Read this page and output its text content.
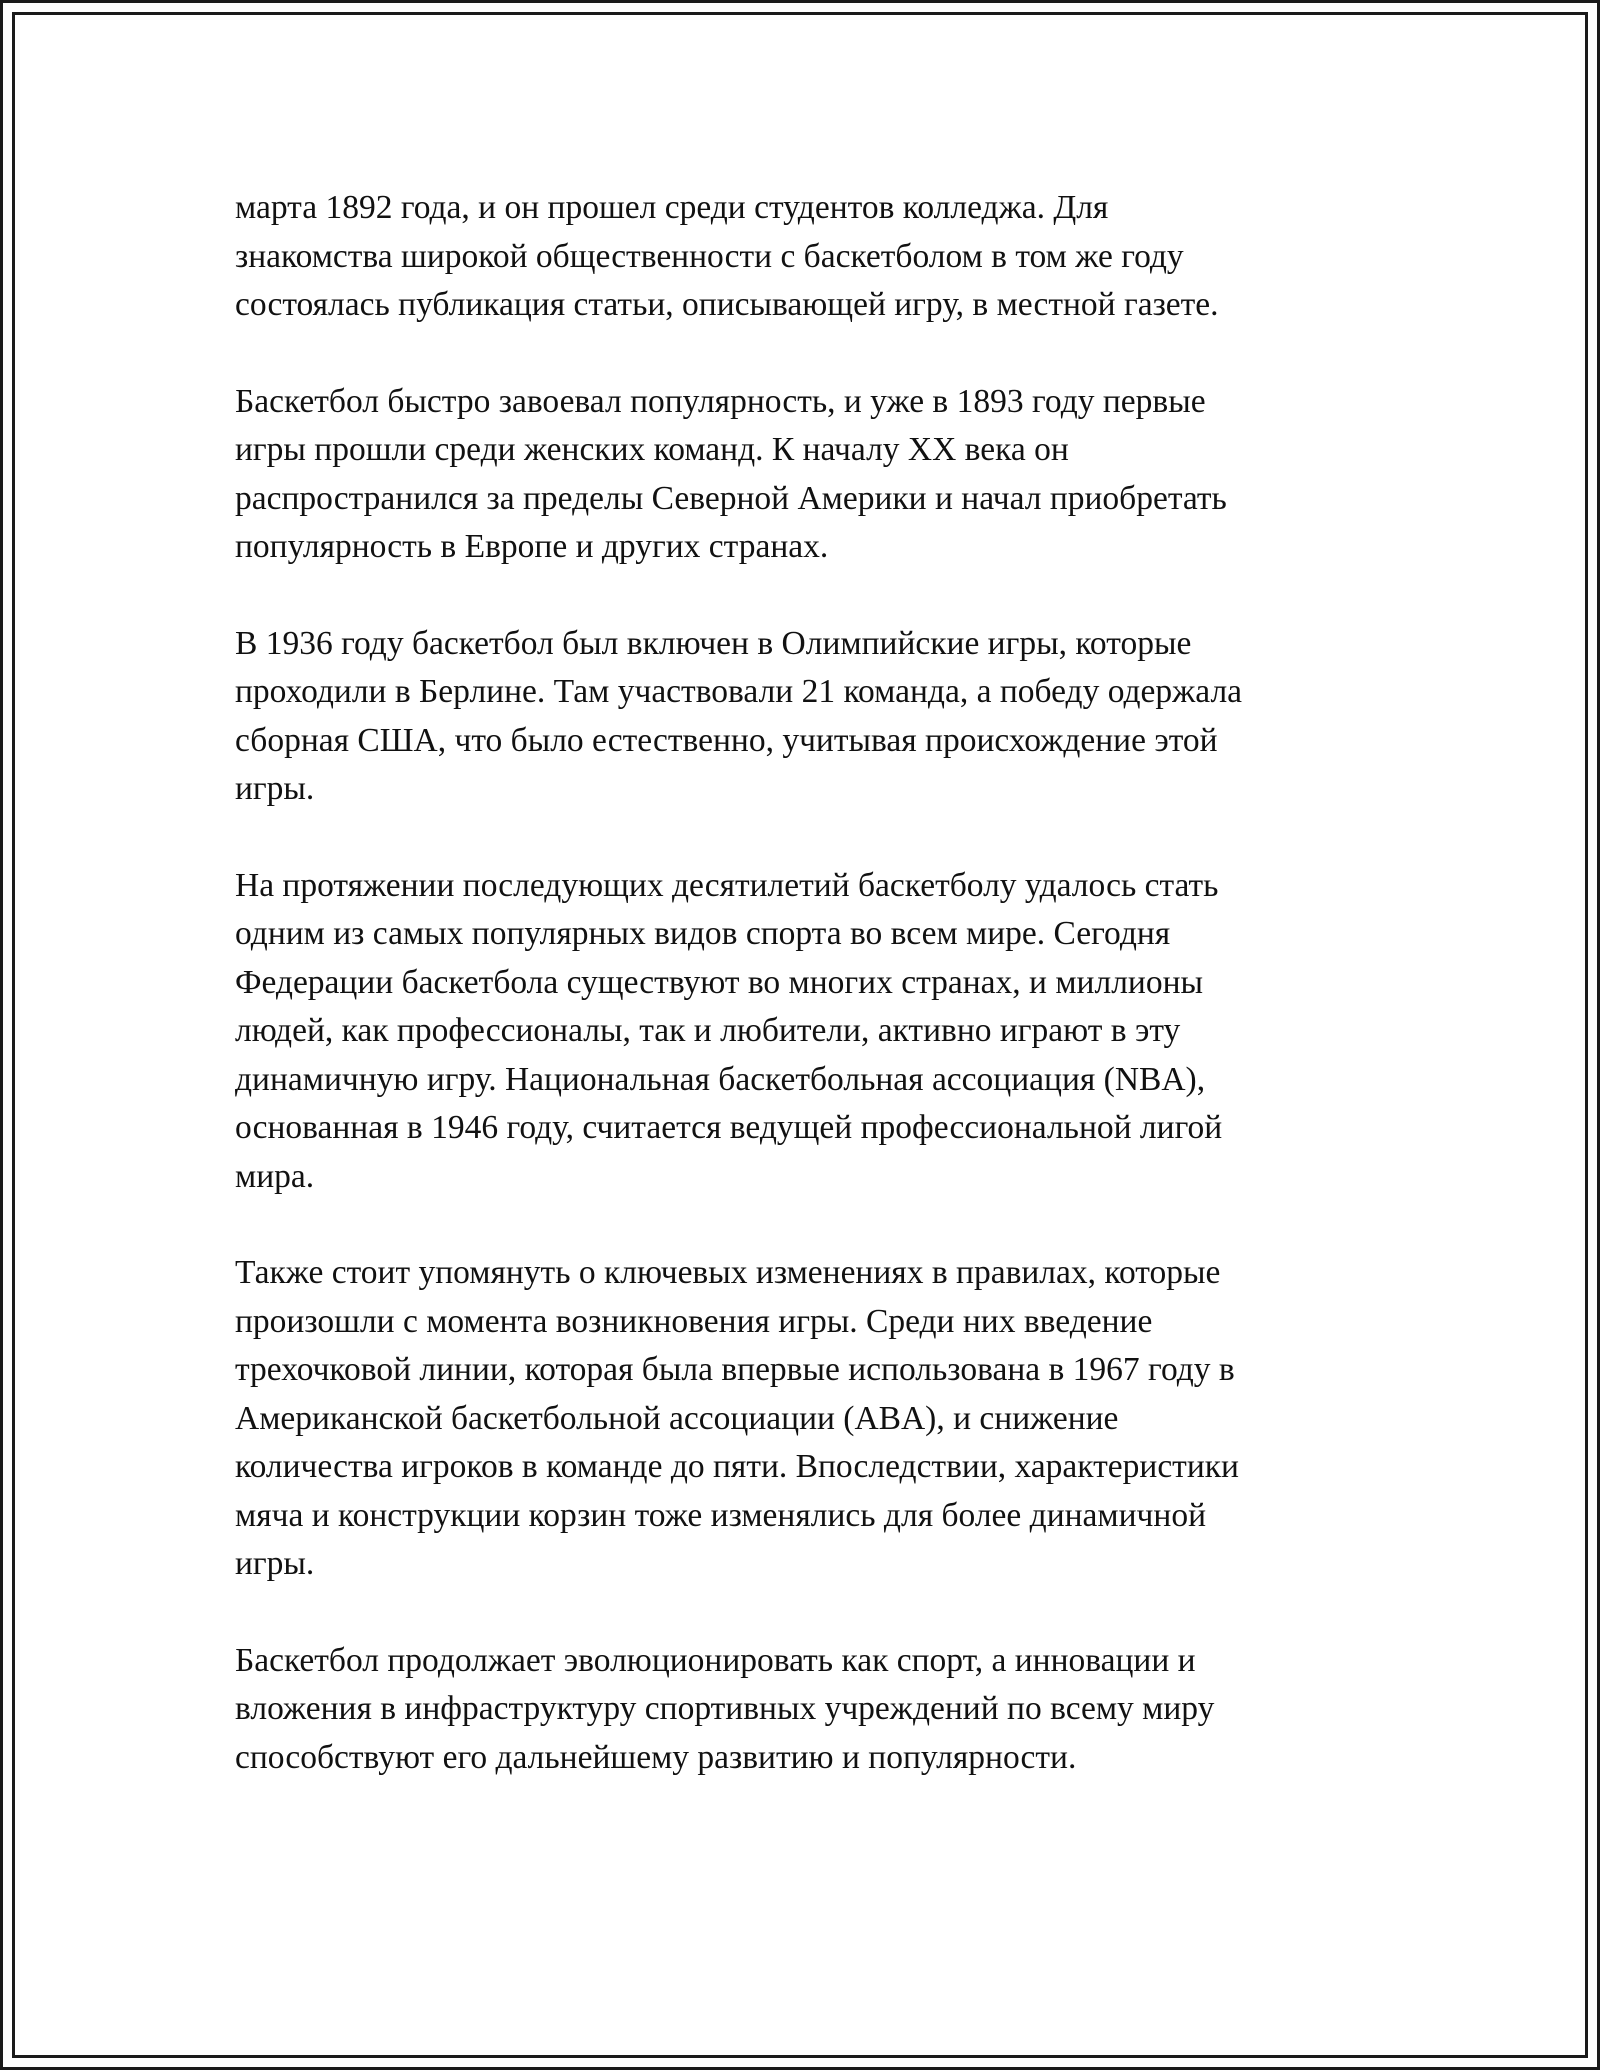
марта 1892 года, и он прошел среди студентов колледжа. Для
знакомства широкой общественности с баскетболом в том же году
состоялась публикация статьи, описывающей игру, в местной газете.

Баскетбол быстро завоевал популярность, и уже в 1893 году первые
игры прошли среди женских команд. К началу XX века он
распространился за пределы Северной Америки и начал приобретать
популярность в Европе и других странах.

В 1936 году баскетбол был включен в Олимпийские игры, которые
проходили в Берлине. Там участвовали 21 команда, а победу одержала
сборная США, что было естественно, учитывая происхождение этой
игры.

На протяжении последующих десятилетий баскетболу удалось стать
одним из самых популярных видов спорта во всем мире. Сегодня
Федерации баскетбола существуют во многих странах, и миллионы
людей, как профессионалы, так и любители, активно играют в эту
динамичную игру. Национальная баскетбольная ассоциация (NBA),
основанная в 1946 году, считается ведущей профессиональной лигой
мира.

Также стоит упомянуть о ключевых изменениях в правилах, которые
произошли с момента возникновения игры. Среди них введение
трехочковой линии, которая была впервые использована в 1967 году в
Американской баскетбольной ассоциации (ABA), и снижение
количества игроков в команде до пяти. Впоследствии, характеристики
мяча и конструкции корзин тоже изменялись для более динамичной
игры.

Баскетбол продолжает эволюционировать как спорт, а инновации и
вложения в инфраструктуру спортивных учреждений по всему миру
способствуют его дальнейшему развитию и популярности.
